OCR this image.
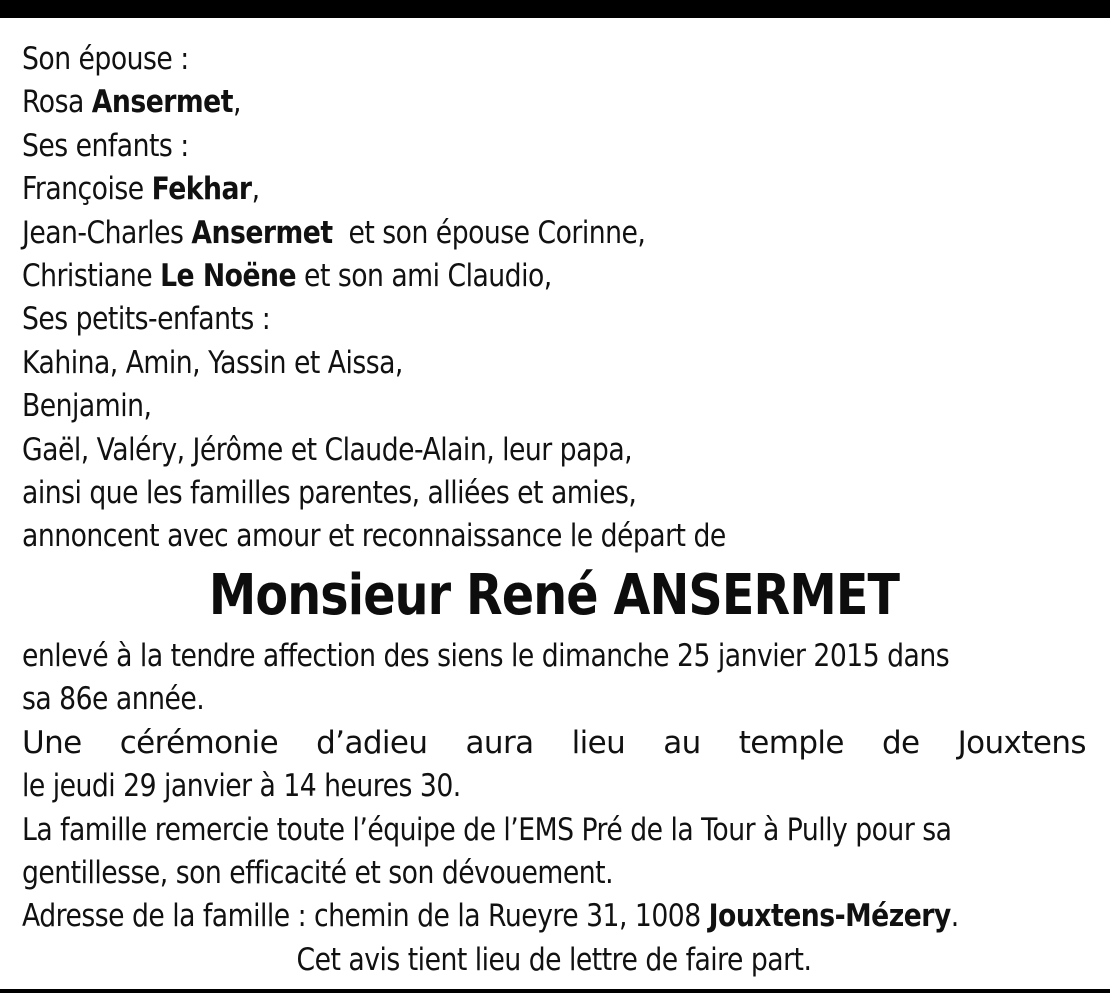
Son épouse :
Rosa Ansermet,
Ses enfants :
Françoise Fekhar,
Jean-Charles Ansermet et son épouse Corinne,
Christiane Le Noëne et son ami Claudio,
Ses petits-enfants :
Kahina, Amin, Yassin et Aissa,
Benjamin,
Gaël, Valéry, Jérôme et Claude-Alain, leur papa,
ainsi que les familles parentes, alliées et amies,
annoncent avec amour et reconnaissance le départ de
Monsieur René ANSERMET
enlevé à la tendre affection des siens le dimanche 25 janvier 2015 dans
sa 86e année.
Une cérémonie d’adieu aura lieu au temple de Jouxtens
le jeudi 29 janvier à 14 heures 30.
La famille remercie toute l’équipe de l’EMS Pré de la Tour à Pully pour sa
gentillesse, son efficacité et son dévouement.
Adresse de la famille : chemin de la Rueyre 31, 1008 Jouxtens-Mézery.
Cet avis tient lieu de lettre de faire part.
